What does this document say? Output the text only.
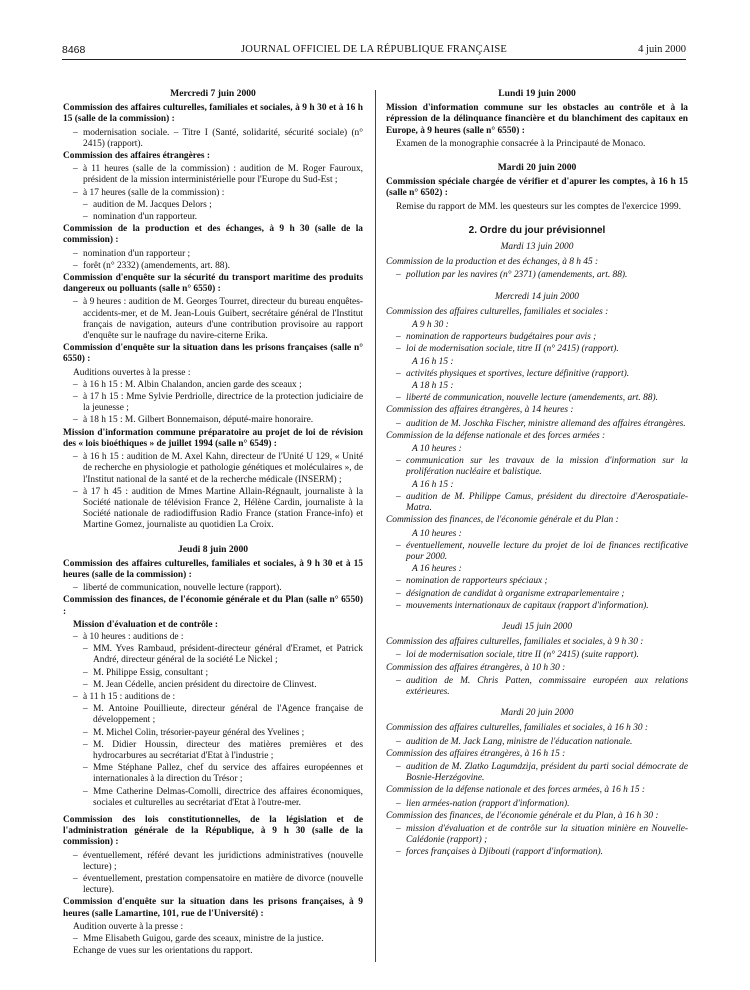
8468	JOURNAL OFFICIEL DE LA RÉPUBLIQUE FRANÇAISE	4 juin 2000
Mercredi 7 juin 2000
Commission des affaires culturelles, familiales et sociales, à 9 h 30 et à 16 h 15 (salle de la commission) :
– modernisation sociale. – Titre I (Santé, solidarité, sécurité sociale) (n° 2415) (rapport).
Commission des affaires étrangères :
– à 11 heures (salle de la commission) : audition de M. Roger Fauroux, président de la mission interministérielle pour l'Europe du Sud-Est ;
– à 17 heures (salle de la commission) :
– audition de M. Jacques Delors ;
– nomination d'un rapporteur.
Commission de la production et des échanges, à 9 h 30 (salle de la commission) :
– nomination d'un rapporteur ;
– forêt (n° 2332) (amendements, art. 88).
Commission d'enquête sur la sécurité du transport maritime des produits dangereux ou polluants (salle n° 6550) :
– à 9 heures : audition de M. Georges Tourret, directeur du bureau enquêtes-accidents-mer, et de M. Jean-Louis Guibert, secrétaire général de l'Institut français de navigation, auteurs d'une contribution provisoire au rapport d'enquête sur le naufrage du navire-citerne Erika.
Commission d'enquête sur la situation dans les prisons françaises (salle n° 6550) :
Auditions ouvertes à la presse :
– à 16 h 15 : M. Albin Chalandon, ancien garde des sceaux ;
– à 17 h 15 : Mme Sylvie Perdriolle, directrice de la protection judiciaire de la jeunesse ;
– à 18 h 15 : M. Gilbert Bonnemaison, député-maire honoraire.
Mission d'information commune préparatoire au projet de loi de révision des « lois bioéthiques » de juillet 1994 (salle n° 6549) :
– à 16 h 15 : audition de M. Axel Kahn, directeur de l'Unité U 129, « Unité de recherche en physiologie et pathologie génétiques et moléculaires », de l'Institut national de la santé et de la recherche médicale (INSERM) ;
– à 17 h 45 : audition de Mmes Martine Allain-Régnault, journaliste à la Société nationale de télévision France 2, Hélène Cardin, journaliste à la Société nationale de radiodiffusion Radio France (station France-info) et Martine Gomez, journaliste au quotidien La Croix.
Jeudi 8 juin 2000
Commission des affaires culturelles, familiales et sociales, à 9 h 30 et à 15 heures (salle de la commission) :
– liberté de communication, nouvelle lecture (rapport).
Commission des finances, de l'économie générale et du Plan (salle n° 6550) :
Mission d'évaluation et de contrôle :
– à 10 heures : auditions de :
– MM. Yves Rambaud, président-directeur général d'Eramet, et Patrick André, directeur général de la société Le Nickel ;
– M. Philippe Essig, consultant ;
– M. Jean Cédelle, ancien président du directoire de Clinvest.
– à 11 h 15 : auditions de :
– M. Antoine Pouillieute, directeur général de l'Agence française de développement ;
– M. Michel Colin, trésorier-payeur général des Yvelines ;
– M. Didier Houssin, directeur des matières premières et des hydrocarbures au secrétariat d'Etat à l'industrie ;
– Mme Stéphane Pallez, chef du service des affaires européennes et internationales à la direction du Trésor ;
– Mme Catherine Delmas-Comolli, directrice des affaires économiques, sociales et culturelles au secrétariat d'Etat à l'outre-mer.
Commission des lois constitutionnelles, de la législation et de l'administration générale de la République, à 9 h 30 (salle de la commission) :
– éventuellement, référé devant les juridictions administratives (nouvelle lecture) ;
– éventuellement, prestation compensatoire en matière de divorce (nouvelle lecture).
Commission d'enquête sur la situation dans les prisons françaises, à 9 heures (salle Lamartine, 101, rue de l'Université) :
Audition ouverte à la presse :
– Mme Elisabeth Guigou, garde des sceaux, ministre de la justice.
Echange de vues sur les orientations du rapport.
Lundi 19 juin 2000
Mission d'information commune sur les obstacles au contrôle et à la répression de la délinquance financière et du blanchiment des capitaux en Europe, à 9 heures (salle n° 6550) :
Examen de la monographie consacrée à la Principauté de Monaco.
Mardi 20 juin 2000
Commission spéciale chargée de vérifier et d'apurer les comptes, à 16 h 15 (salle n° 6502) :
Remise du rapport de MM. les questeurs sur les comptes de l'exercice 1999.
2. Ordre du jour prévisionnel
Mardi 13 juin 2000
Commission de la production et des échanges, à 8 h 45 :
– pollution par les navires (n° 2371) (amendements, art. 88).
Mercredi 14 juin 2000
Commission des affaires culturelles, familiales et sociales :
A 9 h 30 :
– nomination de rapporteurs budgétaires pour avis ;
– loi de modernisation sociale, titre II (n° 2415) (rapport).
A 16 h 15 :
– activités physiques et sportives, lecture définitive (rapport).
A 18 h 15 :
– liberté de communication, nouvelle lecture (amendements, art. 88).
Commission des affaires étrangères, à 14 heures :
– audition de M. Joschka Fischer, ministre allemand des affaires étrangères.
Commission de la défense nationale et des forces armées :
A 10 heures :
– communication sur les travaux de la mission d'information sur la prolifération nucléaire et balistique.
A 16 h 15 :
– audition de M. Philippe Camus, président du directoire d'Aerospatiale-Matra.
Commission des finances, de l'économie générale et du Plan :
A 10 heures :
– éventuellement, nouvelle lecture du projet de loi de finances rectificative pour 2000.
A 16 heures :
– nomination de rapporteurs spéciaux ;
– désignation de candidat à organisme extraparlementaire ;
– mouvements internationaux de capitaux (rapport d'information).
Jeudi 15 juin 2000
Commission des affaires culturelles, familiales et sociales, à 9 h 30 :
– loi de modernisation sociale, titre II (n° 2415) (suite rapport).
Commission des affaires étrangères, à 10 h 30 :
– audition de M. Chris Patten, commissaire européen aux relations extérieures.
Mardi 20 juin 2000
Commission des affaires culturelles, familiales et sociales, à 16 h 30 :
– audition de M. Jack Lang, ministre de l'éducation nationale.
Commission des affaires étrangères, à 16 h 15 :
– audition de M. Zlatko Lagumdzija, président du parti social démocrate de Bosnie-Herzégovine.
Commission de la défense nationale et des forces armées, à 16 h 15 :
– lien armées-nation (rapport d'information).
Commission des finances, de l'économie générale et du Plan, à 16 h 30 :
– mission d'évaluation et de contrôle sur la situation minière en Nouvelle-Calédonie (rapport) ;
– forces françaises à Djibouti (rapport d'information).
